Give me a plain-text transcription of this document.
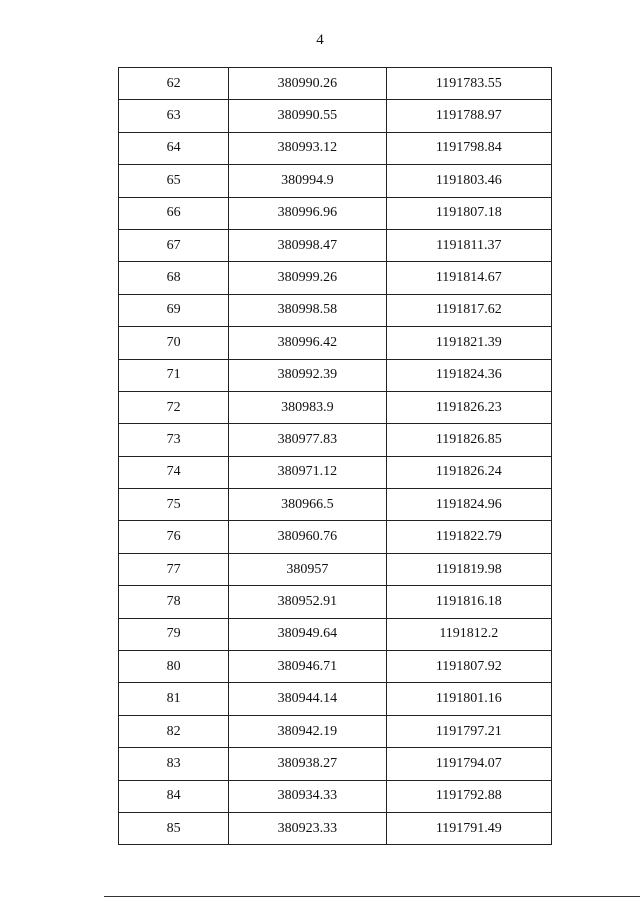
4
62	380990.26	1191783.55
63	380990.55	1191788.97
64	380993.12	1191798.84
65	380994.9	1191803.46
66	380996.96	1191807.18
67	380998.47	1191811.37
68	380999.26	1191814.67
69	380998.58	1191817.62
70	380996.42	1191821.39
71	380992.39	1191824.36
72	380983.9	1191826.23
73	380977.83	1191826.85
74	380971.12	1191826.24
75	380966.5	1191824.96
76	380960.76	1191822.79
77	380957	1191819.98
78	380952.91	1191816.18
79	380949.64	1191812.2
80	380946.71	1191807.92
81	380944.14	1191801.16
82	380942.19	1191797.21
83	380938.27	1191794.07
84	380934.33	1191792.88
85	380923.33	1191791.49
